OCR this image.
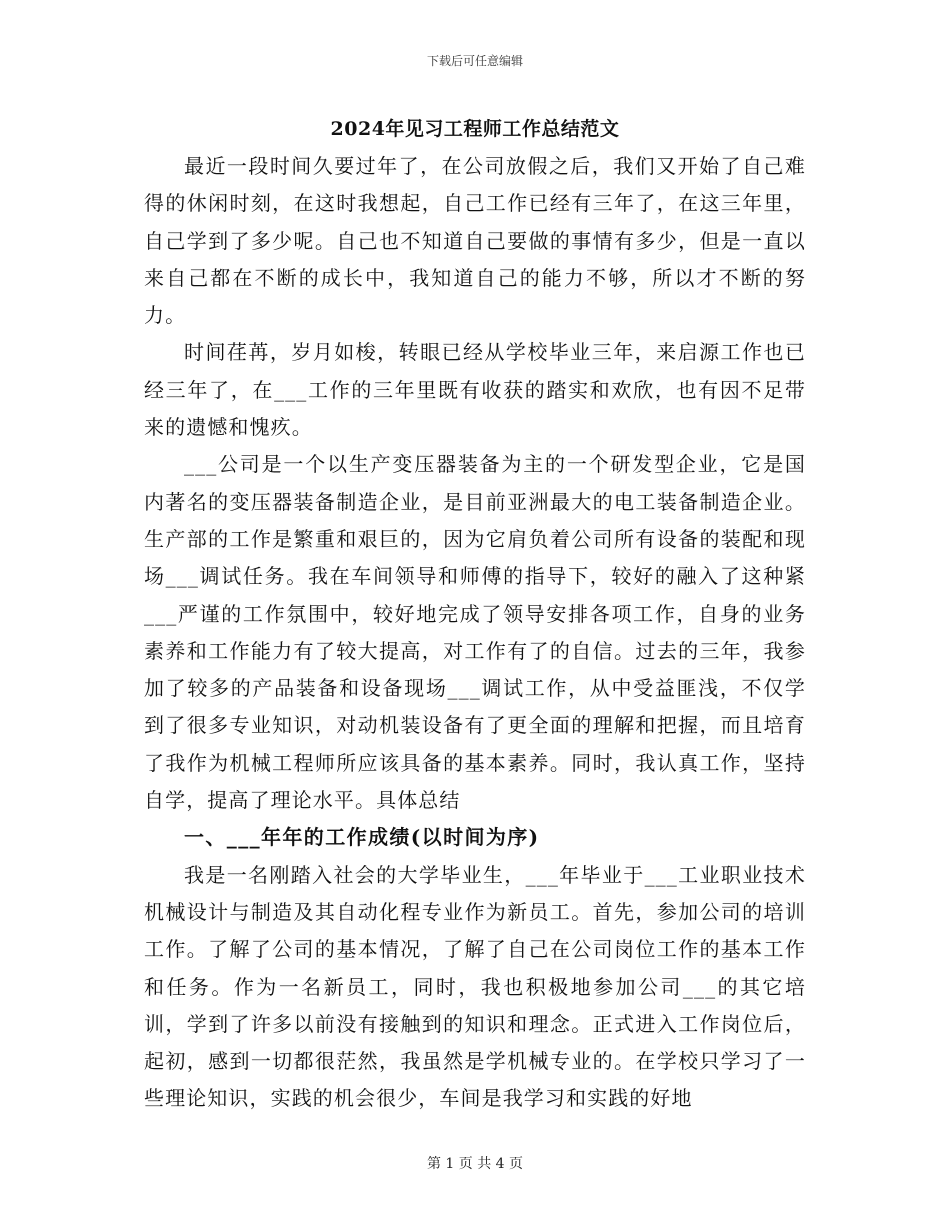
下载后可任意编辑
2024年见习工程师工作总结范文

最近一段时间久要过年了，在公司放假之后，我们又开始了自己难得的休闲时刻，在这时我想起，自己工作已经有三年了，在这三年里，自己学到了多少呢。自己也不知道自己要做的事情有多少，但是一直以来自己都在不断的成长中，我知道自己的能力不够，所以才不断的努力。

时间荏苒，岁月如梭，转眼已经从学校毕业三年，来启源工作也已经三年了，在___工作的三年里既有收获的踏实和欢欣，也有因不足带来的遗憾和愧疚。

___公司是一个以生产变压器装备为主的一个研发型企业，它是国内著名的变压器装备制造企业，是目前亚洲最大的电工装备制造企业。生产部的工作是繁重和艰巨的，因为它肩负着公司所有设备的装配和现场___调试任务。我在车间领导和师傅的指导下，较好的融入了这种紧___严谨的工作氛围中，较好地完成了领导安排各项工作，自身的业务素养和工作能力有了较大提高，对工作有了的自信。过去的三年，我参加了较多的产品装备和设备现场___调试工作，从中受益匪浅，不仅学到了很多专业知识，对动机装设备有了更全面的理解和把握，而且培育了我作为机械工程师所应该具备的基本素养。同时，我认真工作，坚持自学，提高了理论水平。具体总结

一、___年年的工作成绩(以时间为序)

我是一名刚踏入社会的大学毕业生，___年毕业于___工业职业技术机械设计与制造及其自动化程专业作为新员工。首先，参加公司的培训工作。了解了公司的基本情况，了解了自己在公司岗位工作的基本工作和任务。作为一名新员工，同时，我也积极地参加公司___的其它培训，学到了许多以前没有接触到的知识和理念。正式进入工作岗位后，起初，感到一切都很茫然，我虽然是学机械专业的。在学校只学习了一些理论知识，实践的机会很少，车间是我学习和实践的好地

第 1 页 共 4 页
